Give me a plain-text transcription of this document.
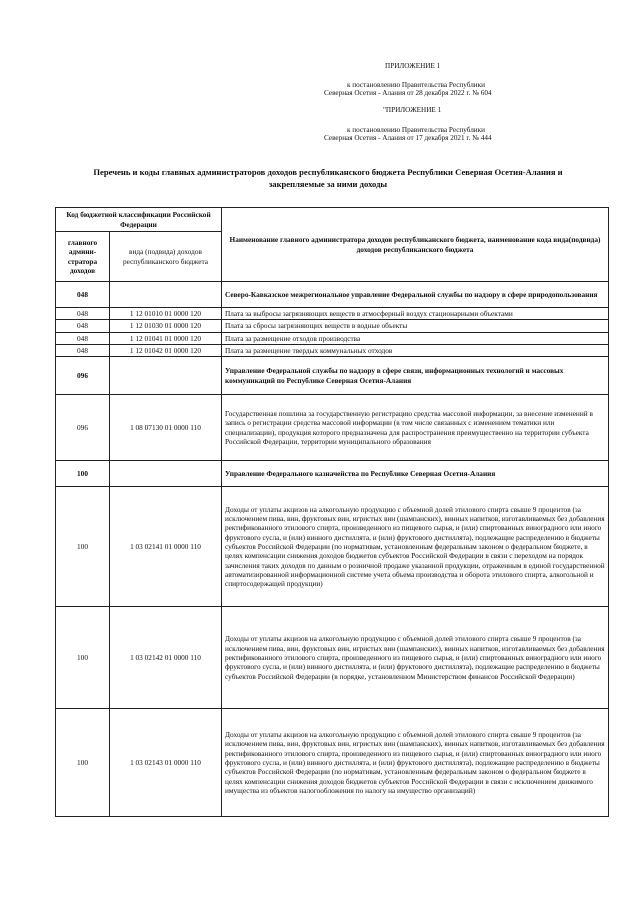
ПРИЛОЖЕНИЕ 1
к постановлению Правительства Республики
Северная Осетия - Алания от 28 декабря 2022 г. № 604
"ПРИЛОЖЕНИЕ 1
к постановлению Правительства Республики
Северная Осетия - Алания от 17 декабря 2021 г. № 444
Перечень и коды главных администраторов доходов республиканского бюджета Республики Северная Осетия-Алания и
закрепляемые за ними доходы
Код бюджетной классификации Российской Федерации		Наименование главного администратора доходов республиканского бюджета, наименование кода вида(подвида) доходов республиканского бюджета
главного админи-стратора доходов	вида (подвида) доходов республиканского бюджета	
048		Северо-Кавказское межрегиональное управление Федеральной службы по надзору в сфере природопользования
048	1 12 01010 01 0000 120	Плата за выбросы загрязняющих веществ в атмосферный воздух стационарными объектами
048	1 12 01030 01 0000 120	Плата за сбросы загрязняющих веществ в водные объекты
048	1 12 01041 01 0000 120	Плата за размещение отходов производства
048	1 12 01042 01 0000 120	Плата за размещение твердых коммунальных отходов
096		Управление Федеральной службы по надзору в сфере связи, информационных технологий и массовых коммуникаций по Республике Северная Осетия-Алания
096	1 08 07130 01 0000 110	Государственная пошлина за государственную регистрацию средства массовой информации, за внесение изменений в запись о регистрации средства массовой информации (в том числе связанных с изменением тематики или специализации), продукция которого предназначена для распространения преимущественно на территории субъекта Российской Федерации, территории муниципального образования
100		Управление Федерального казначейства по Республике Северная Осетия-Алания
100	1 03 02141 01 0000 110	Доходы от уплаты акцизов на алкогольную продукцию с объемной долей этилового спирта свыше 9 процентов (за исключением пива, вин, фруктовых вин, игристых вин (шампанских), винных напитков, изготавливаемых без добавления ректификованного этилового спирта, произведенного из пищевого сырья, и (или) спиртованных виноградного или иного фруктового сусла, и (или) винного дистиллята, и (или) фруктового дистиллята), подлежащие распределению в бюджеты субъектов Российской Федерации (по нормативам, установленным федеральным законом о федеральном бюджете, в целях компенсации снижения доходов бюджетов субъектов Российской Федерации в связи с переходом на порядок зачисления таких доходов по данным о розничной продаже указанной продукции, отраженным в единой государственной автоматизированной информационной системе учета объема производства и оборота этилового спирта, алкогольной и спиртосодержащей продукции)
100	1 03 02142 01 0000 110	Доходы от уплаты акцизов на алкогольную продукцию с объемной долей этилового спирта свыше 9 процентов (за исключением пива, вин, фруктовых вин, игристых вин (шампанских), винных напитков, изготавливаемых без добавления ректификованного этилового спирта, произведенного из пищевого сырья, и (или) спиртованных виноградного или иного фруктового сусла, и (или) винного дистиллята, и (или) фруктового дистиллята), подлежащие распределению в бюджеты субъектов Российской Федерации (в порядке, установленном Министерством финансов Российской Федерации)
100	1 03 02143 01 0000 110	Доходы от уплаты акцизов на алкогольную продукцию с объемной долей этилового спирта свыше 9 процентов (за исключением пива, вин, фруктовых вин, игристых вин (шампанских), винных напитков, изготавливаемых без добавления ректификованного этилового спирта, произведенного из пищевого сырья, и (или) спиртованных виноградного или иного фруктового сусла, и (или) винного дистиллята, и (или) фруктового дистиллята), подлежащие распределению в бюджеты субъектов Российской Федерации (по нормативам, установленным федеральным законом о федеральном бюджете в целях компенсации снижения доходов бюджетов субъектов Российской Федерации в связи с исключением движимого имущества из объектов налогообложения по налогу на имущество организаций)
